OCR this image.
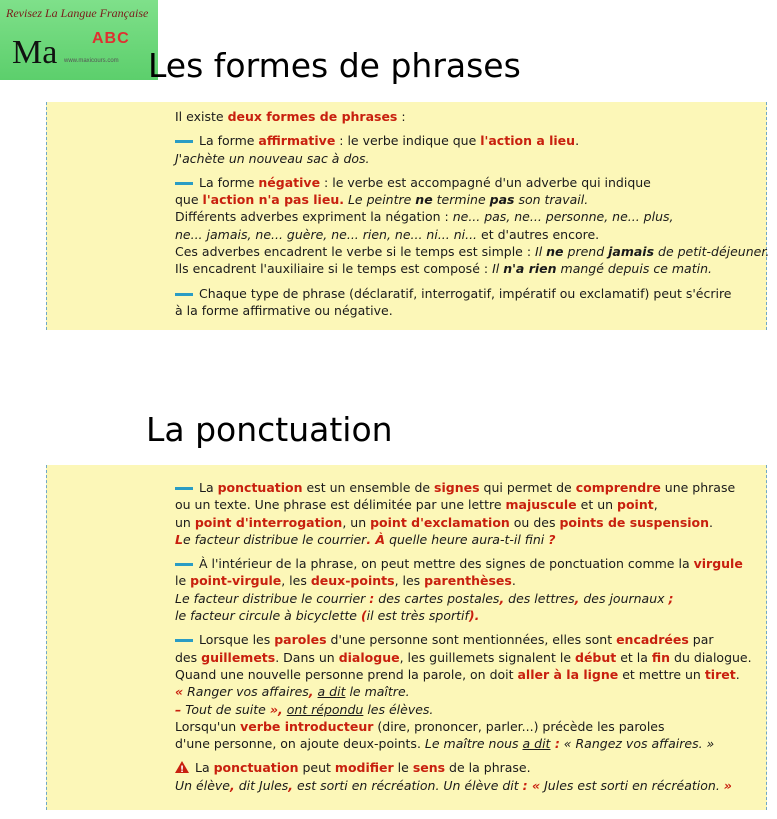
Revisez La Langue Française
Ma ABC
www.maxicours.com Les formes de phrases
Il existe deux formes de phrases :
La forme affirmative : le verbe indique que l'action a lieu.
J'achète un nouveau sac à dos.
La forme négative : le verbe est accompagné d'un adverbe qui indique
que l'action n'a pas lieu. Le peintre ne termine pas son travail.
Différents adverbes expriment la négation : ne... pas, ne... personne, ne... plus,
ne... jamais, ne... guère, ne... rien, ne... ni... ni... et d'autres encore.
Ces adverbes encadrent le verbe si le temps est simple : Il ne prend jamais de petit-déjeuner.
Ils encadrent l'auxiliaire si le temps est composé : Il n'a rien mangé depuis ce matin.
Chaque type de phrase (déclaratif, interrogatif, impératif ou exclamatif) peut s'écrire
à la forme affirmative ou négative.
La ponctuation
La ponctuation est un ensemble de signes qui permet de comprendre une phrase
ou un texte. Une phrase est délimitée par une lettre majuscule et un point,
un point d'interrogation, un point d'exclamation ou des points de suspension.
Le facteur distribue le courrier. À quelle heure aura-t-il fini ?
À l'intérieur de la phrase, on peut mettre des signes de ponctuation comme la virgule
le point-virgule, les deux-points, les parenthèses.
Le facteur distribue le courrier : des cartes postales, des lettres, des journaux ;
le facteur circule à bicyclette (il est très sportif).
Lorsque les paroles d'une personne sont mentionnées, elles sont encadrées par
des guillemets. Dans un dialogue, les guillemets signalent le début et la fin du dialogue.
Quand une nouvelle personne prend la parole, on doit aller à la ligne et mettre un tiret.
« Ranger vos affaires, a dit le maître.
– Tout de suite », ont répondu les élèves.
Lorsqu'un verbe introducteur (dire, prononcer, parler...) précède les paroles
d'une personne, on ajoute deux-points. Le maître nous a dit : « Rangez vos affaires. »
!La ponctuation peut modifier le sens de la phrase.
Un élève, dit Jules, est sorti en récréation. Un élève dit : « Jules est sorti en récréation. »
